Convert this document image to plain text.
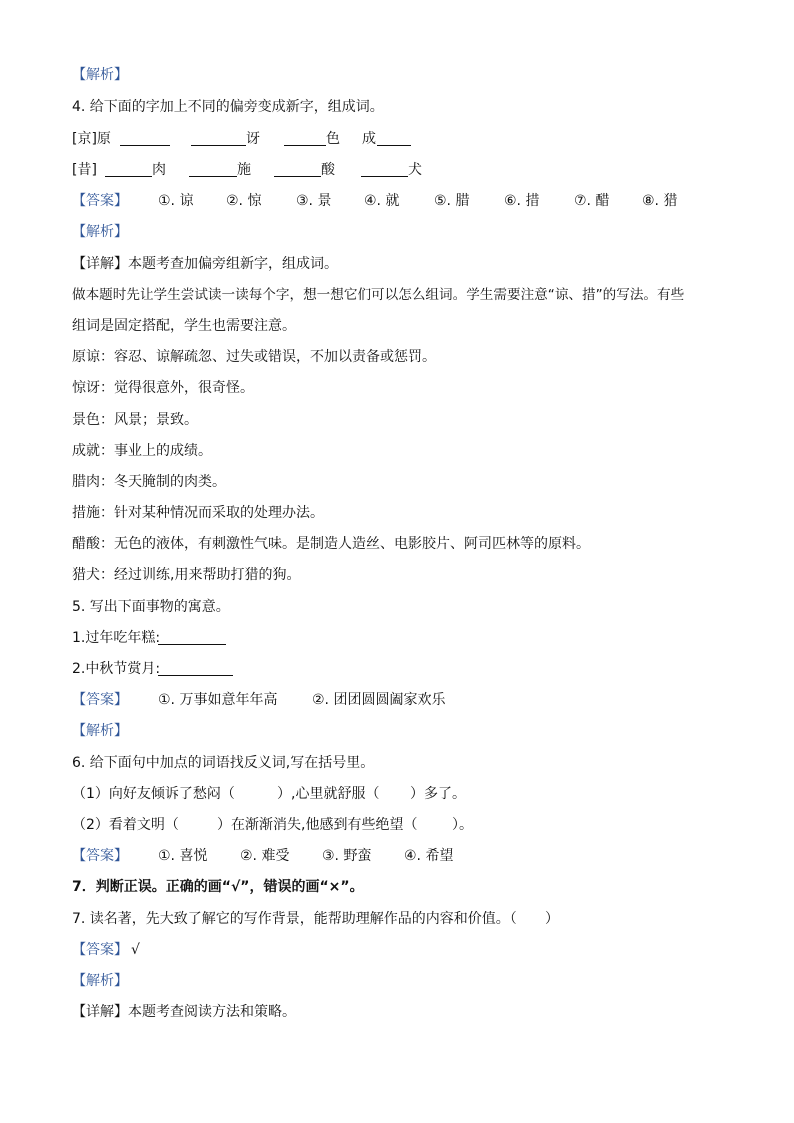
【解析】
4. 给下面的字加上不同的偏旁变成新字，组成词。
[京]原	讶	色 成
[昔]	肉	施	酸	犬
【答案】 ①. 谅 ②. 惊 ③. 景 ④. 就 ⑤. 腊 ⑥. 措 ⑦. 醋 ⑧. 猎
【解析】
【详解】本题考查加偏旁组新字，组成词。
做本题时先让学生尝试读一读每个字，想一想它们可以怎么组词。学生需要注意“谅、措”的写法。有些
组词是固定搭配，学生也需要注意。
原谅：容忍、谅解疏忽、过失或错误，不加以责备或惩罚。
惊讶：觉得很意外，很奇怪。
景色：风景；景致。
成就：事业上的成绩。
腊肉：冬天腌制的肉类。
措施：针对某种情况而采取的处理办法。
醋酸：无色的液体，有刺激性气味。是制造人造丝、电影胶片、阿司匹林等的原料。
猎犬：经过训练,用来帮助打猎的狗。
5. 写出下面事物的寓意。
1.过年吃年糕:
2.中秋节赏月:
【答案】 ①. 万事如意年年高 ②. 团团圆圆阖家欢乐
【解析】
6. 给下面句中加点的词语找反义词,写在括号里。
（1）向好友倾诉了愁闷（	）,心里就舒服（ ）多了。
（2）看着文明（	）在渐渐消失,他感到有些绝望（ ）。
【答案】 ①. 喜悦 ②. 难受 ③. 野蛮 ④. 希望
7．判断正误。正确的画“√”，错误的画“×”。
7. 读名著，先大致了解它的写作背景，能帮助理解作品的内容和价值。（ ）
【答案】 √
【解析】
【详解】本题考查阅读方法和策略。
